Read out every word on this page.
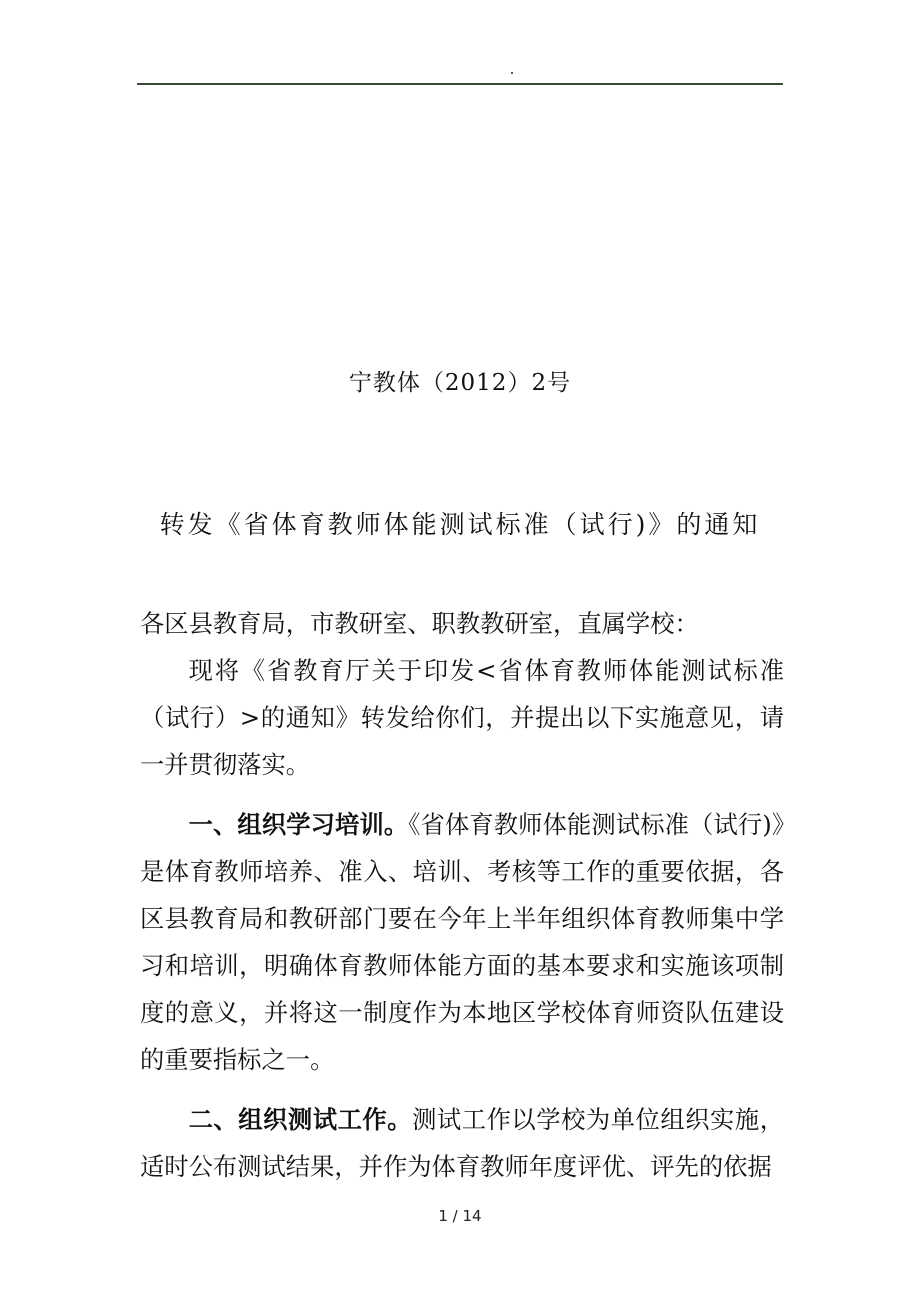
宁教体（2012）2号
转发《省体育教师体能测试标准（试行)》的通知

各区县教育局，市教研室、职教教研室，直属学校：

现将《省教育厅关于印发<省体育教师体能测试标准（试行）>的通知》转发给你们，并提出以下实施意见，请一并贯彻落实。

一、组织学习培训。《省体育教师体能测试标准（试行)》是体育教师培养、准入、培训、考核等工作的重要依据，各区县教育局和教研部门要在今年上半年组织体育教师集中学习和培训，明确体育教师体能方面的基本要求和实施该项制度的意义，并将这一制度作为本地区学校体育师资队伍建设的重要指标之一。

二、组织测试工作。测试工作以学校为单位组织实施，适时公布测试结果，并作为体育教师年度评优、评先的依据

1 / 14
